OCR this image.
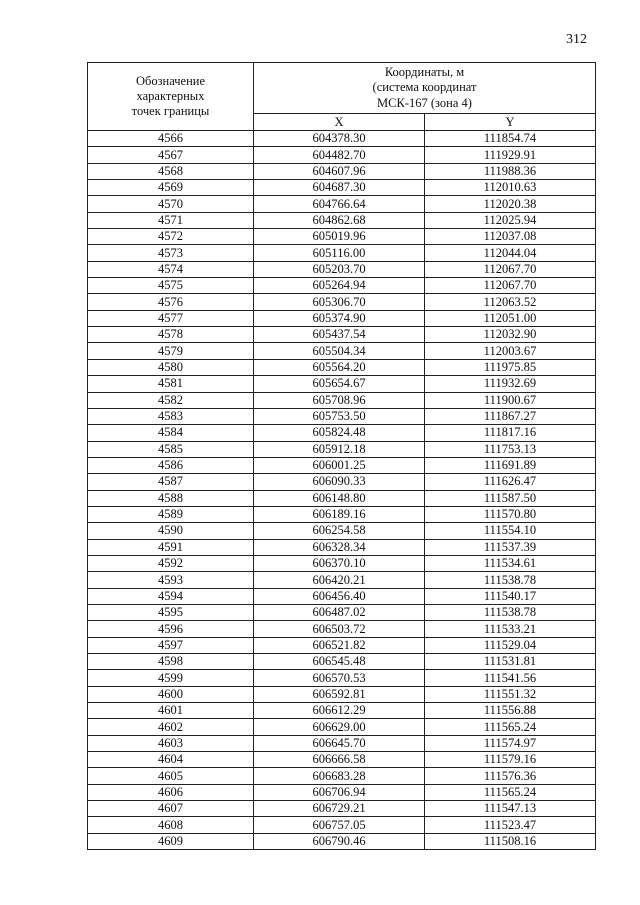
312
Обозначение
характерных
точек границы	Координаты, м
(система координат
МСК-167 (зона 4)	

	X	Y
4566	604378.30	111854.74
4567	604482.70	111929.91
4568	604607.96	111988.36
4569	604687.30	112010.63
4570	604766.64	112020.38
4571	604862.68	112025.94
4572	605019.96	112037.08
4573	605116.00	112044.04
4574	605203.70	112067.70
4575	605264.94	112067.70
4576	605306.70	112063.52
4577	605374.90	112051.00
4578	605437.54	112032.90
4579	605504.34	112003.67
4580	605564.20	111975.85
4581	605654.67	111932.69
4582	605708.96	111900.67
4583	605753.50	111867.27
4584	605824.48	111817.16
4585	605912.18	111753.13
4586	606001.25	111691.89
4587	606090.33	111626.47
4588	606148.80	111587.50
4589	606189.16	111570.80
4590	606254.58	111554.10
4591	606328.34	111537.39
4592	606370.10	111534.61
4593	606420.21	111538.78
4594	606456.40	111540.17
4595	606487.02	111538.78
4596	606503.72	111533.21
4597	606521.82	111529.04
4598	606545.48	111531.81
4599	606570.53	111541.56
4600	606592.81	111551.32
4601	606612.29	111556.88
4602	606629.00	111565.24
4603	606645.70	111574.97
4604	606666.58	111579.16
4605	606683.28	111576.36
4606	606706.94	111565.24
4607	606729.21	111547.13
4608	606757.05	111523.47
4609	606790.46	111508.16
